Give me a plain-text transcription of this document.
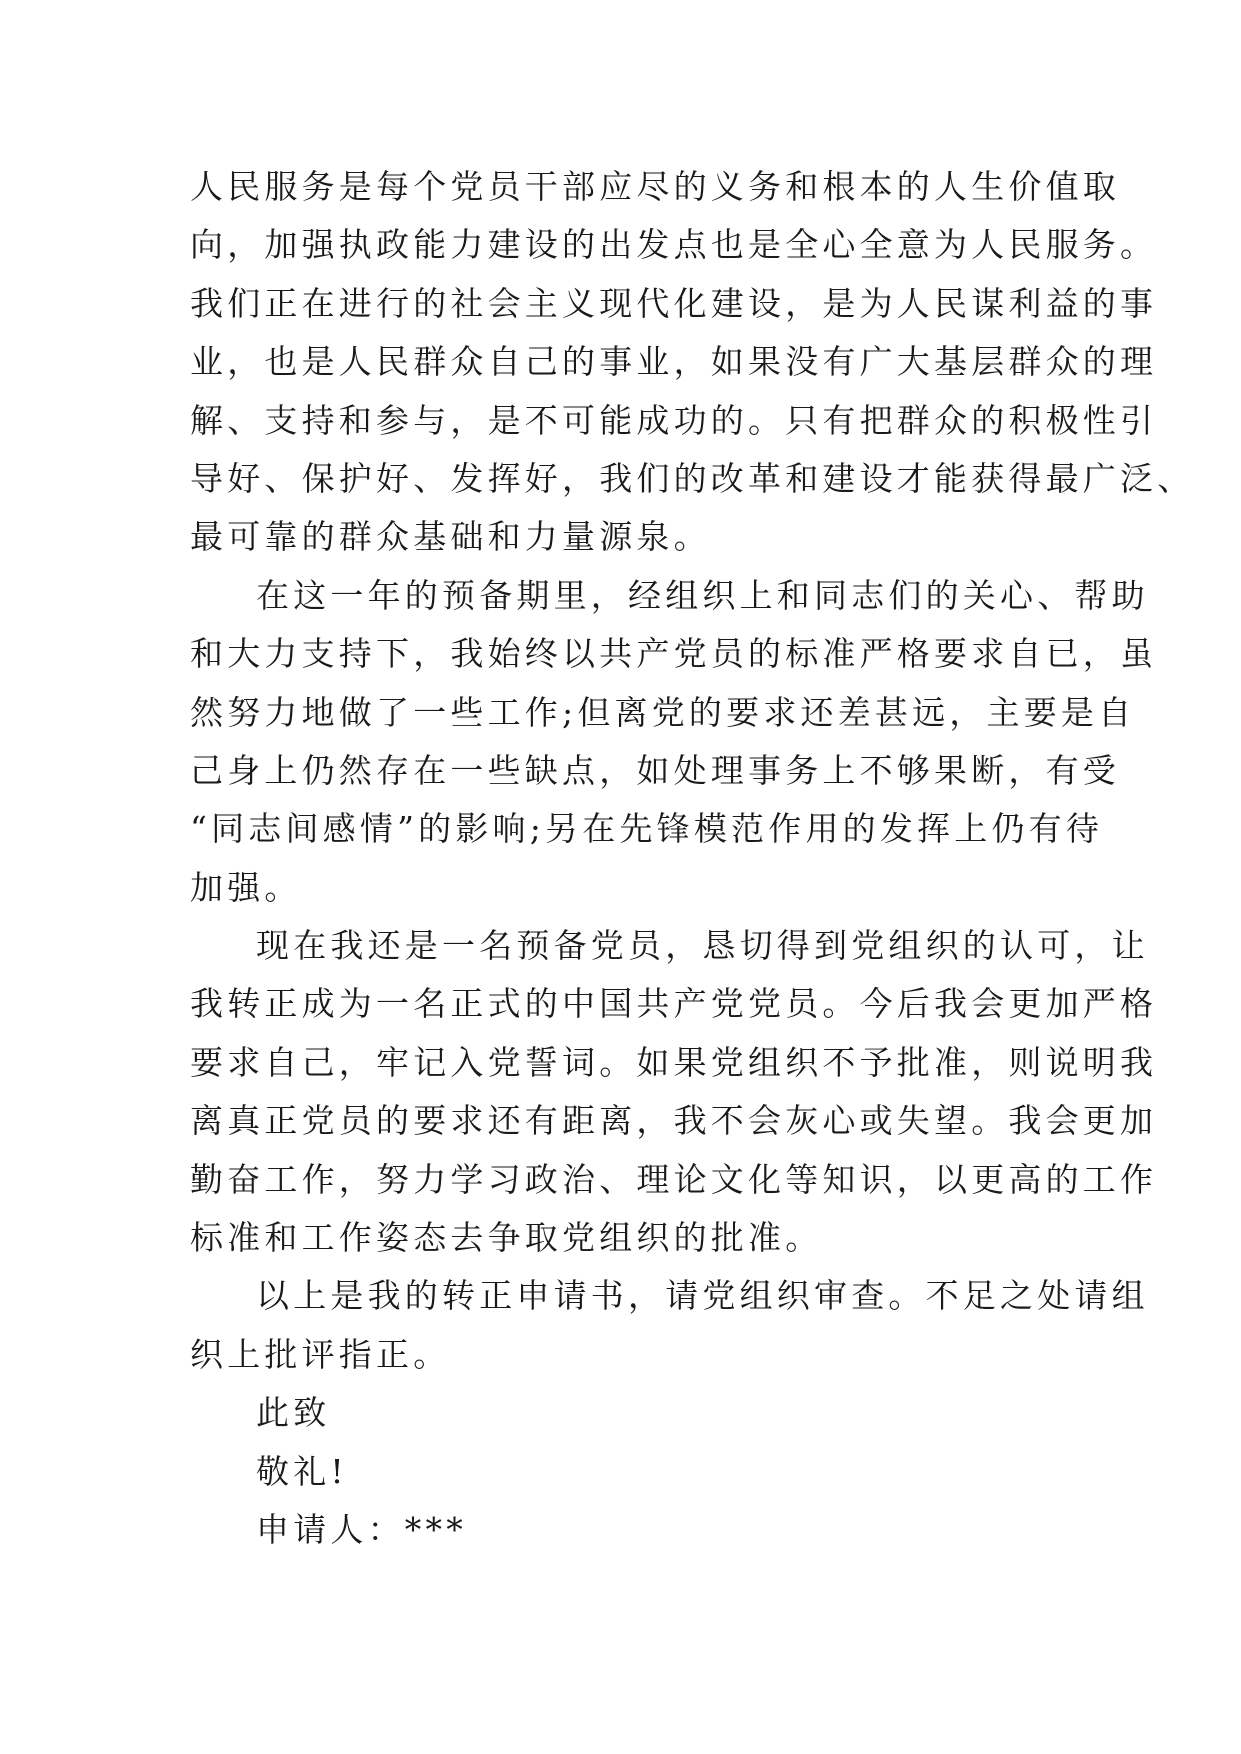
人民服务是每个党员干部应尽的义务和根本的人生价值取
向，加强执政能力建设的出发点也是全心全意为人民服务。
我们正在进行的社会主义现代化建设，是为人民谋利益的事
业，也是人民群众自己的事业，如果没有广大基层群众的理
解、支持和参与，是不可能成功的。只有把群众的积极性引
导好、保护好、发挥好，我们的改革和建设才能获得最广泛、
最可靠的群众基础和力量源泉。
在这一年的预备期里，经组织上和同志们的关心、帮助
和大力支持下，我始终以共产党员的标准严格要求自已，虽
然努力地做了一些工作;但离党的要求还差甚远，主要是自
己身上仍然存在一些缺点，如处理事务上不够果断，有受
“同志间感情”的影响;另在先锋模范作用的发挥上仍有待
加强。
现在我还是一名预备党员，恳切得到党组织的认可，让
我转正成为一名正式的中国共产党党员。今后我会更加严格
要求自己，牢记入党誓词。如果党组织不予批准，则说明我
离真正党员的要求还有距离，我不会灰心或失望。我会更加
勤奋工作，努力学习政治、理论文化等知识，以更高的工作
标准和工作姿态去争取党组织的批准。
以上是我的转正申请书，请党组织审查。不足之处请组
织上批评指正。
此致
敬礼!
申请人：***
